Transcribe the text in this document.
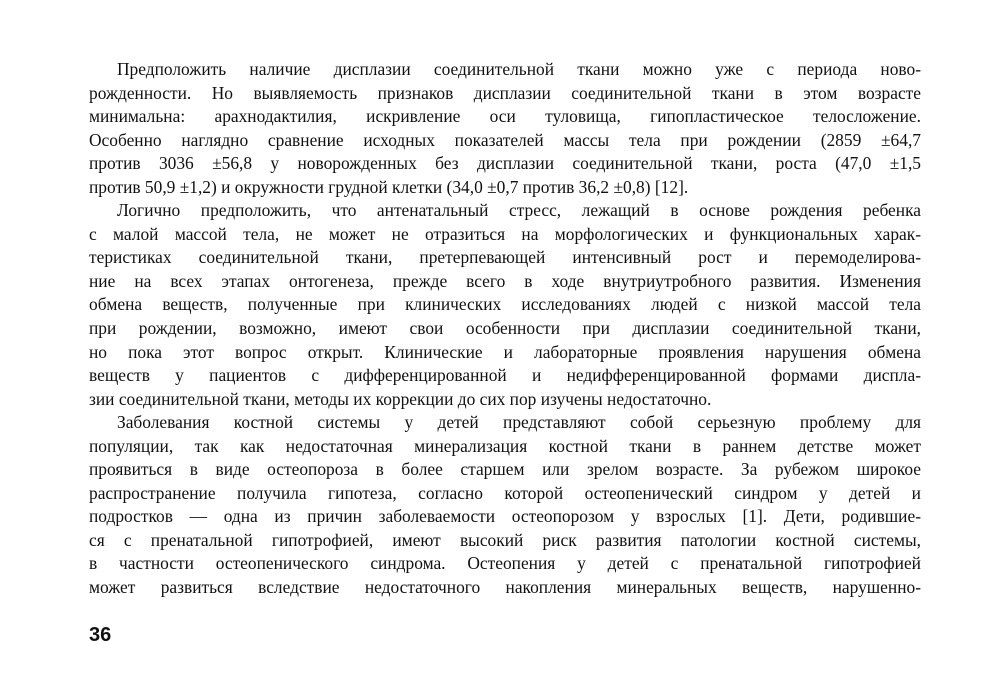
Предположить наличие дисплазии соединительной ткани можно уже с периода ново-
рожденности. Но выявляемость признаков дисплазии соединительной ткани в этом возрасте
минимальна: арахнодактилия, искривление оси туловища, гипопластическое телосложение.
Особенно наглядно сравнение исходных показателей массы тела при рождении (2859 ±64,7
против 3036 ±56,8 у новорожденных без дисплазии соединительной ткани, роста (47,0 ±1,5
против 50,9 ±1,2) и окружности грудной клетки (34,0 ±0,7 против 36,2 ±0,8) [12].
Логично предположить, что антенатальный стресс, лежащий в основе рождения ребенка
с малой массой тела, не может не отразиться на морфологических и функциональных харак-
теристиках соединительной ткани, претерпевающей интенсивный рост и перемоделирова-
ние на всех этапах онтогенеза, прежде всего в ходе внутриутробного развития. Изменения
обмена веществ, полученные при клинических исследованиях людей с низкой массой тела
при рождении, возможно, имеют свои особенности при дисплазии соединительной ткани,
но пока этот вопрос открыт. Клинические и лабораторные проявления нарушения обмена
веществ у пациентов с дифференцированной и недифференцированной формами диспла-
зии соединительной ткани, методы их коррекции до сих пор изучены недостаточно.
Заболевания костной системы у детей представляют собой серьезную проблему для
популяции, так как недостаточная минерализация костной ткани в раннем детстве может
проявиться в виде остеопороза в более старшем или зрелом возрасте. За рубежом широкое
распространение получила гипотеза, согласно которой остеопенический синдром у детей и
подростков — одна из причин заболеваемости остеопорозом у взрослых [1]. Дети, родившие-
ся с пренатальной гипотрофией, имеют высокий риск развития патологии костной системы,
в частности остеопенического синдрома. Остеопения у детей с пренатальной гипотрофией
может развиться вследствие недостаточного накопления минеральных веществ, нарушенно-
36
